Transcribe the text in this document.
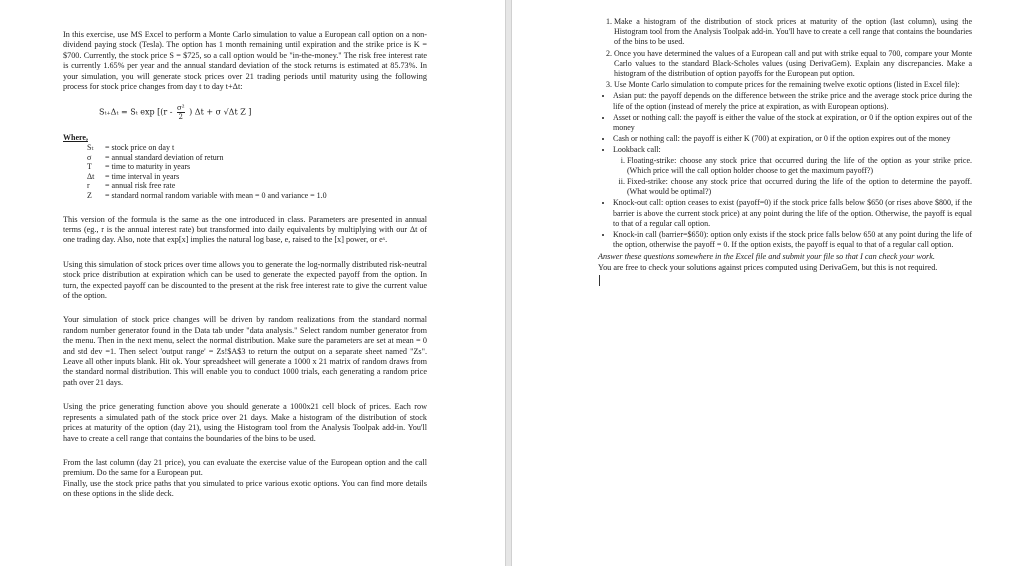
In this exercise, use MS Excel to perform a Monte Carlo simulation to value a European call option on a non-dividend paying stock (Tesla). The option has 1 month remaining until expiration and the strike price is K = $700. Currently, the stock price S = $725, so a call option would be "in-the-money." The risk free interest rate is currently 1.65% per year and the annual standard deviation of the stock returns is estimated at 85.73%. In your simulation, you will generate stock prices over 21 trading periods until maturity using the following process for stock price changes from day t to day t+Δt:

Sₜ₊Δₜ = Sₜ $\exp [(r - \frac{\text{σ²}}{2}$ ) Δt + σ √Δt Z ]
Where,
Sₜ = stock price on day t
σ = annual standard deviation of return
T = time to maturity in years
Δt = time interval in years
r = annual risk free rate
Z = standard normal random variable with mean = 0 and variance = 1.0

This version of the formula is the same as the one introduced in class. Parameters are presented in annual terms (eg., r is the annual interest rate) but transformed into daily equivalents by multiplying with our Δt of one trading day. Also, note that exp[x] implies the natural log base, e, raised to the [x] power, or eˣ.

Using this simulation of stock prices over time allows you to generate the log-normally distributed risk-neutral stock price distribution at expiration which can be used to generate the expected payoff from the option. In turn, the expected payoff can be discounted to the present at the risk free interest rate to give the current value of the option.

Your simulation of stock price changes will be driven by random realizations from the standard normal random number generator found in the Data tab under "data analysis." Select random number generator from the menu. Then in the next menu, select the normal distribution. Make sure the parameters are set at mean = 0 and std dev =1. Then select 'output range' = Zs!$A$3 to return the output on a separate sheet named "Zs". Leave all other inputs blank. Hit ok. Your spreadsheet will generate a 1000 x 21 matrix of random draws from the standard normal distribution. This will enable you to conduct 1000 trials, each generating a random price path over 21 days.

Using the price generating function above you should generate a 1000x21 cell block of prices. Each row represents a simulated path of the stock price over 21 days. Make a histogram of the distribution of stock prices at maturity of the option (day 21), using the Histogram tool from the Analysis Toolpak add-in. You'll have to create a cell range that contains the boundaries of the bins to be used.

From the last column (day 21 price), you can evaluate the exercise value of the European option and the call premium. Do the same for a European put.

Finally, use the stock price paths that you simulated to price various exotic options. You can find more details on these options in the slide deck.

1. Make a histogram of the distribution of stock prices at maturity of the option (last column), using the Histogram tool from the Analysis Toolpak add-in. You'll have to create a cell range that contains the boundaries of the bins to be used.
2. Once you have determined the values of a European call and put with strike equal to 700, compare your Monte Carlo values to the standard Black-Scholes values (using DerivaGem). Explain any discrepancies. Make a histogram of the distribution of option payoffs for the European put option.
3. Use Monte Carlo simulation to compute prices for the remaining twelve exotic options (listed in Excel file):
• Asian put: the payoff depends on the difference between the strike price and the average stock price during the life of the option (instead of merely the price at expiration, as with European options).
• Asset or nothing call: the payoff is either the value of the stock at expiration, or 0 if the option expires out of the money
• Cash or nothing call: the payoff is either K (700) at expiration, or 0 if the option expires out of the money
• Lookback call:
i. Floating-strike: choose any stock price that occurred during the life of the option as your strike price. (Which price will the call option holder choose to get the maximum payoff?)
ii. Fixed-strike: choose any stock price that occurred during the life of the option to determine the payoff. (What would be optimal?)
• Knock-out call: option ceases to exist (payoff=0) if the stock price falls below $650 (or rises above $800, if the barrier is above the current stock price) at any point during the life of the option. Otherwise, the payoff is equal to that of a regular call option.
• Knock-in call (barrier=$650): option only exists if the stock price falls below 650 at any point during the life of the option, otherwise the payoff = 0. If the option exists, the payoff is equal to that of a regular call option.

Answer these questions somewhere in the Excel file and submit your file so that I can check your work.

You are free to check your solutions against prices computed using DerivaGem, but this is not required.
